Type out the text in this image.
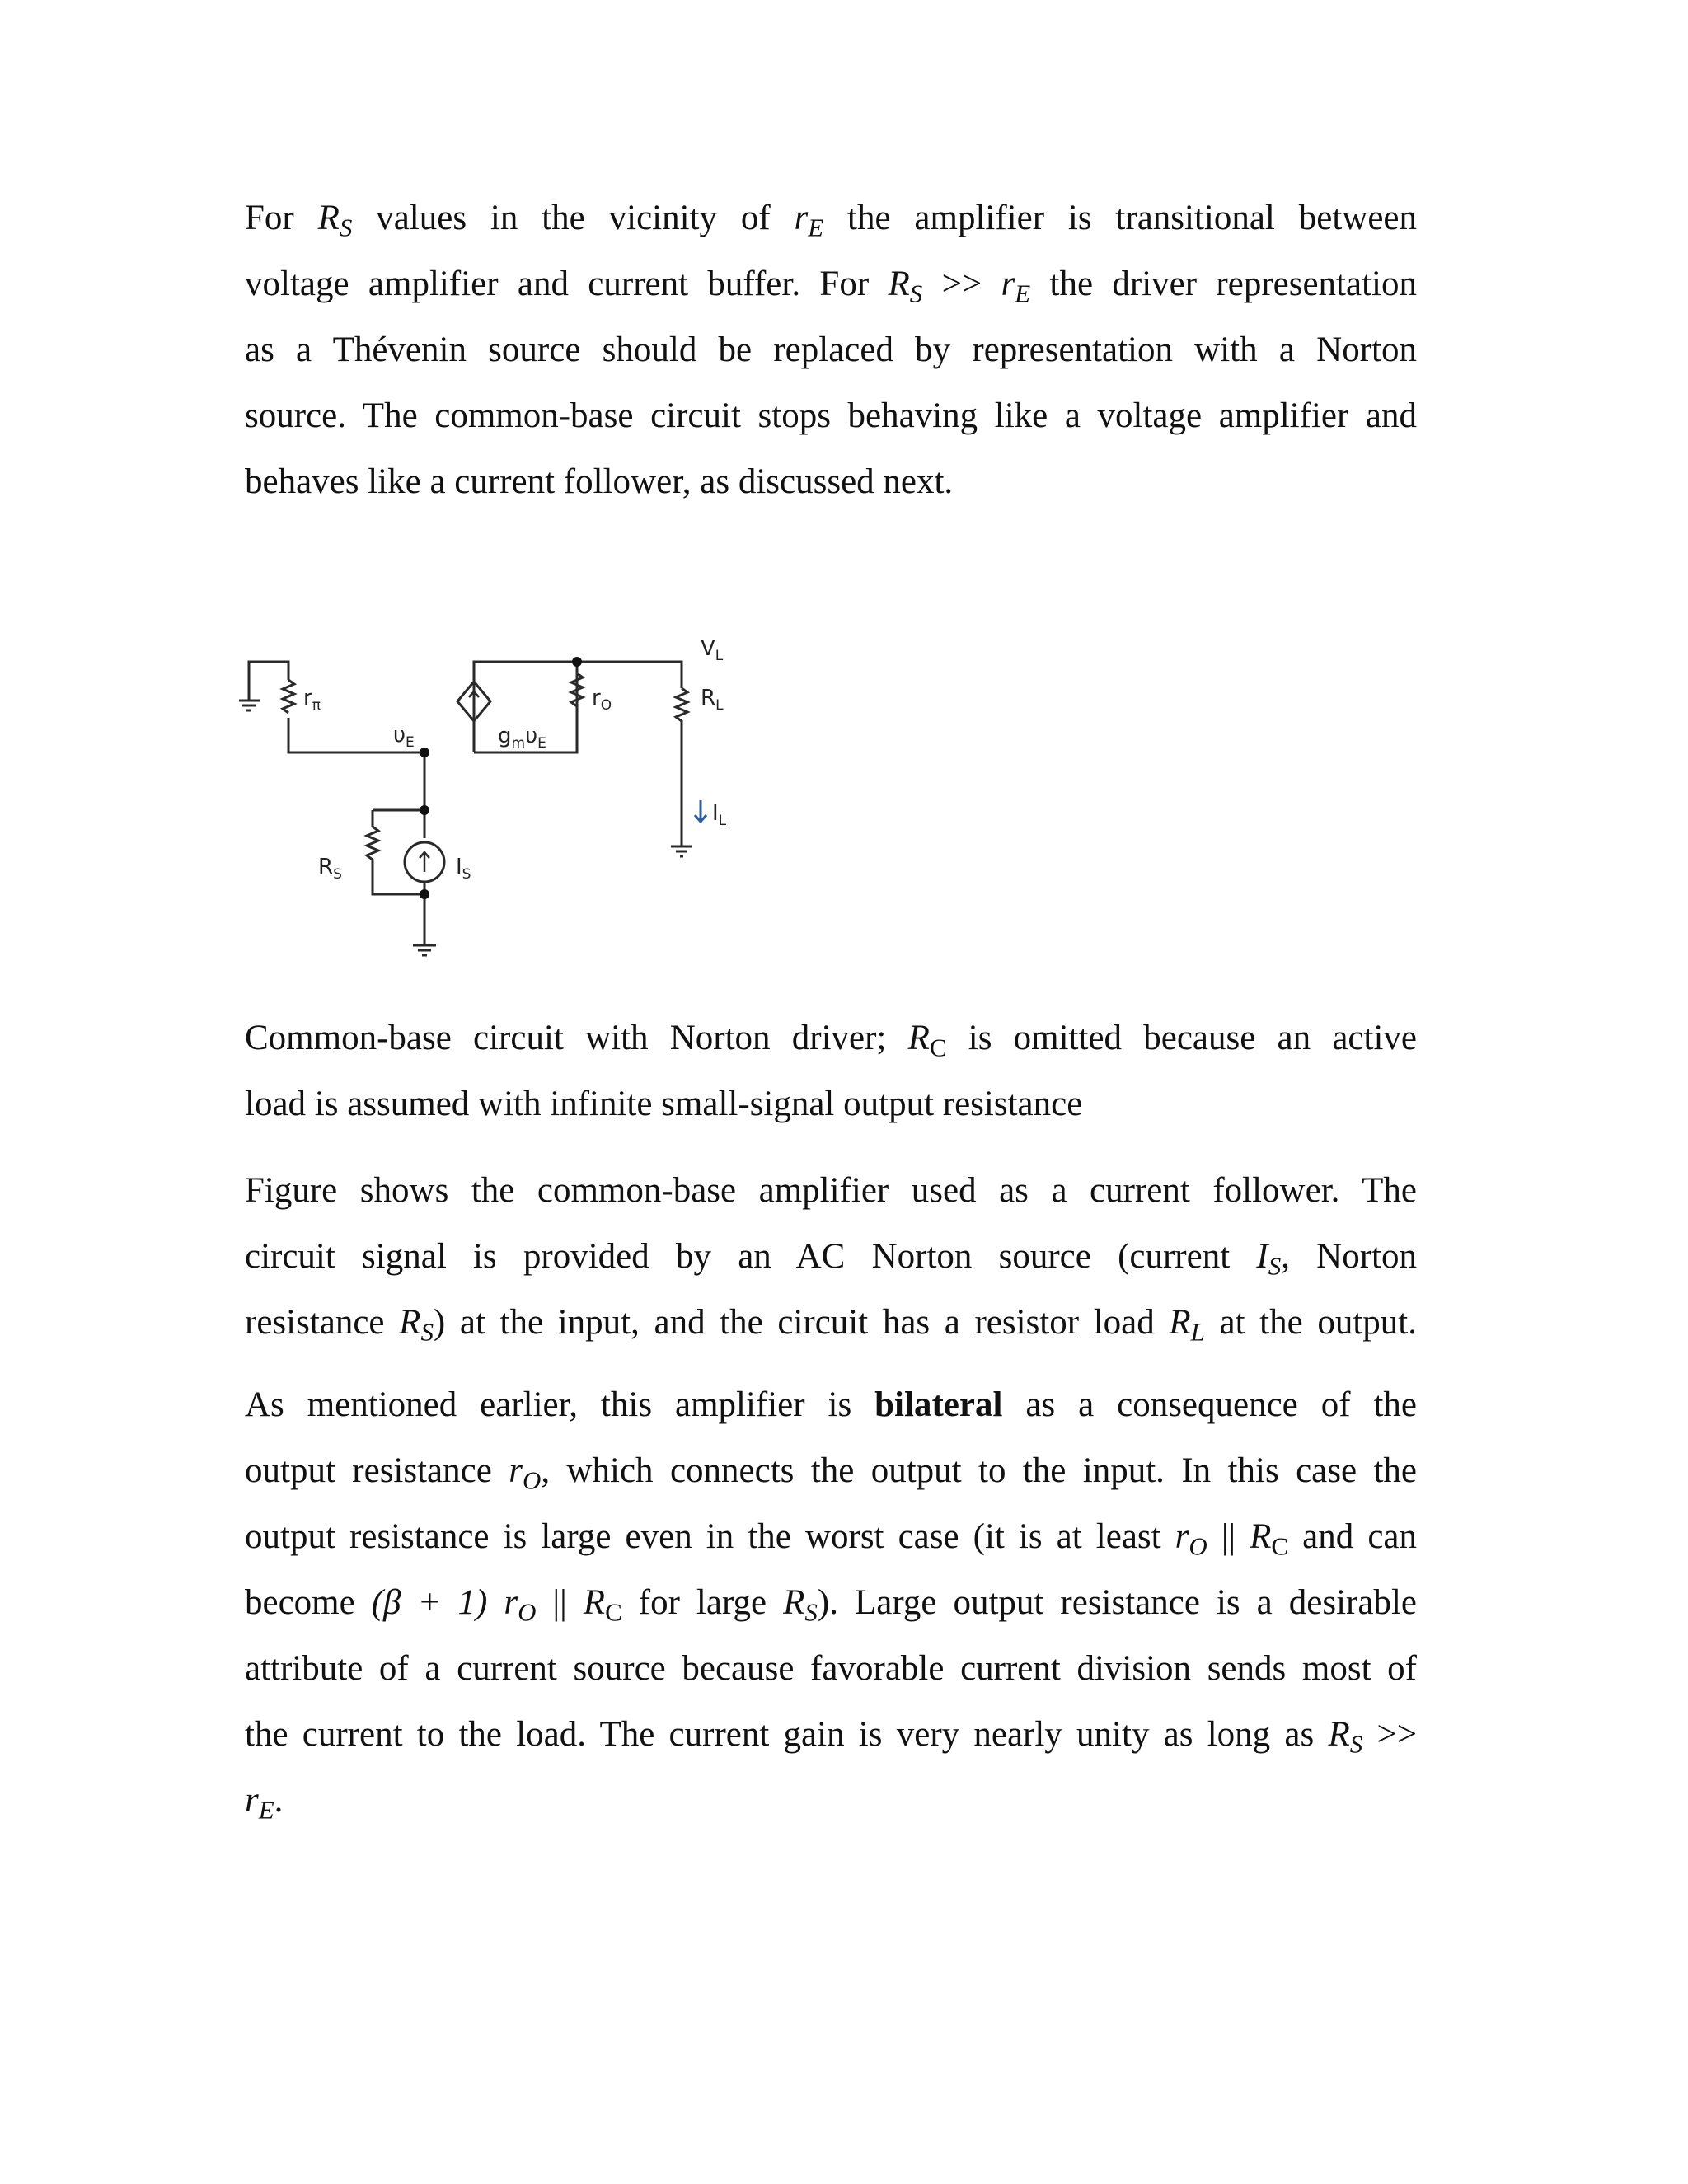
For $R_S$ values in the vicinity of $r_E$ the amplifier is transitional between
voltage amplifier and current buffer. For $R_S >> r_E$ the driver representation
as a Thévenin source should be replaced by representation with a Norton
source. The common-base circuit stops behaving like a voltage amplifier and
behaves like a current follower, as discussed next.
$r_\pi$
$\upsilon_E$	$g_m\upsilon_E$
$r_O$
$V_L$
$R_L$
$I_L$
$R_S$	$I_S$
Common-base circuit with Norton driver; $R_C$ is omitted because an active
load is assumed with infinite small-signal output resistance
Figure shows the common-base amplifier used as a current follower. The
circuit signal is provided by an AC Norton source (current $I_S$, Norton
resistance $R_S$) at the input, and the circuit has a resistor load $R_L$ at the output.
As mentioned earlier, this amplifier is bilateral as a consequence of the
output resistance $r_O$, which connects the output to the input. In this case the
output resistance is large even in the worst case (it is at least $r_O$ || $R_C$ and can
become (β + 1) $r_O$ || $R_C$ for large $R_S$). Large output resistance is a desirable
attribute of a current source because favorable current division sends most of
the current to the load. The current gain is very nearly unity as long as $R_S$ >>
$r_E$.
